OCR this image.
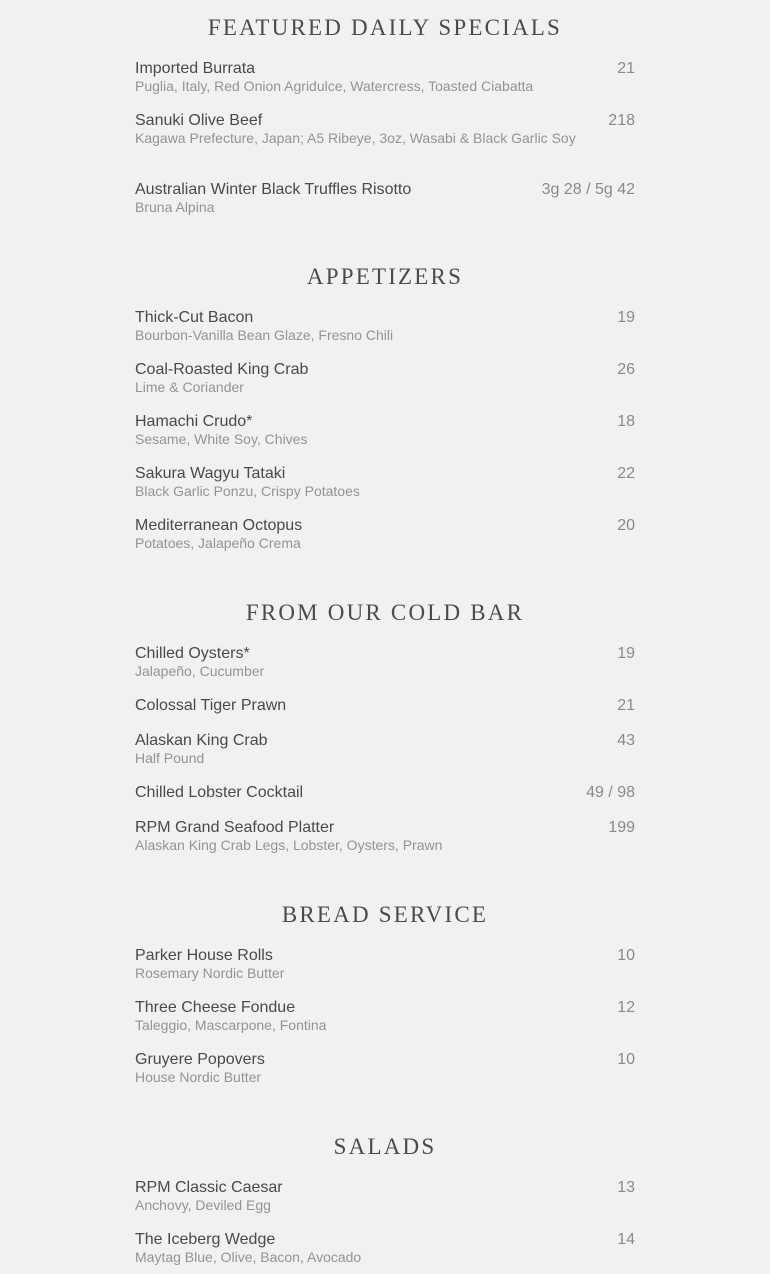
FEATURED DAILY SPECIALS
Imported Burrata	21
Puglia, Italy, Red Onion Agridulce, Watercress, Toasted Ciabatta
Sanuki Olive Beef	218
Kagawa Prefecture, Japan; A5 Ribeye, 3oz, Wasabi & Black Garlic Soy
Australian Winter Black Truffles Risotto	3g 28 / 5g 42
Bruna Alpina
APPETIZERS
Thick-Cut Bacon	19
Bourbon-Vanilla Bean Glaze, Fresno Chili
Coal-Roasted King Crab	26
Lime & Coriander
Hamachi Crudo*	18
Sesame, White Soy, Chives
Sakura Wagyu Tataki	22
Black Garlic Ponzu, Crispy Potatoes
Mediterranean Octopus	20
Potatoes, Jalapeño Crema
FROM OUR COLD BAR
Chilled Oysters*	19
Jalapeño, Cucumber
Colossal Tiger Prawn	21
Alaskan King Crab	43
Half Pound
Chilled Lobster Cocktail	49 / 98
RPM Grand Seafood Platter	199
Alaskan King Crab Legs, Lobster, Oysters, Prawn
BREAD SERVICE
Parker House Rolls	10
Rosemary Nordic Butter
Three Cheese Fondue	12
Taleggio, Mascarpone, Fontina
Gruyere Popovers	10
House Nordic Butter
SALADS
RPM Classic Caesar	13
Anchovy, Deviled Egg
The Iceberg Wedge	14
Maytag Blue, Olive, Bacon, Avocado
